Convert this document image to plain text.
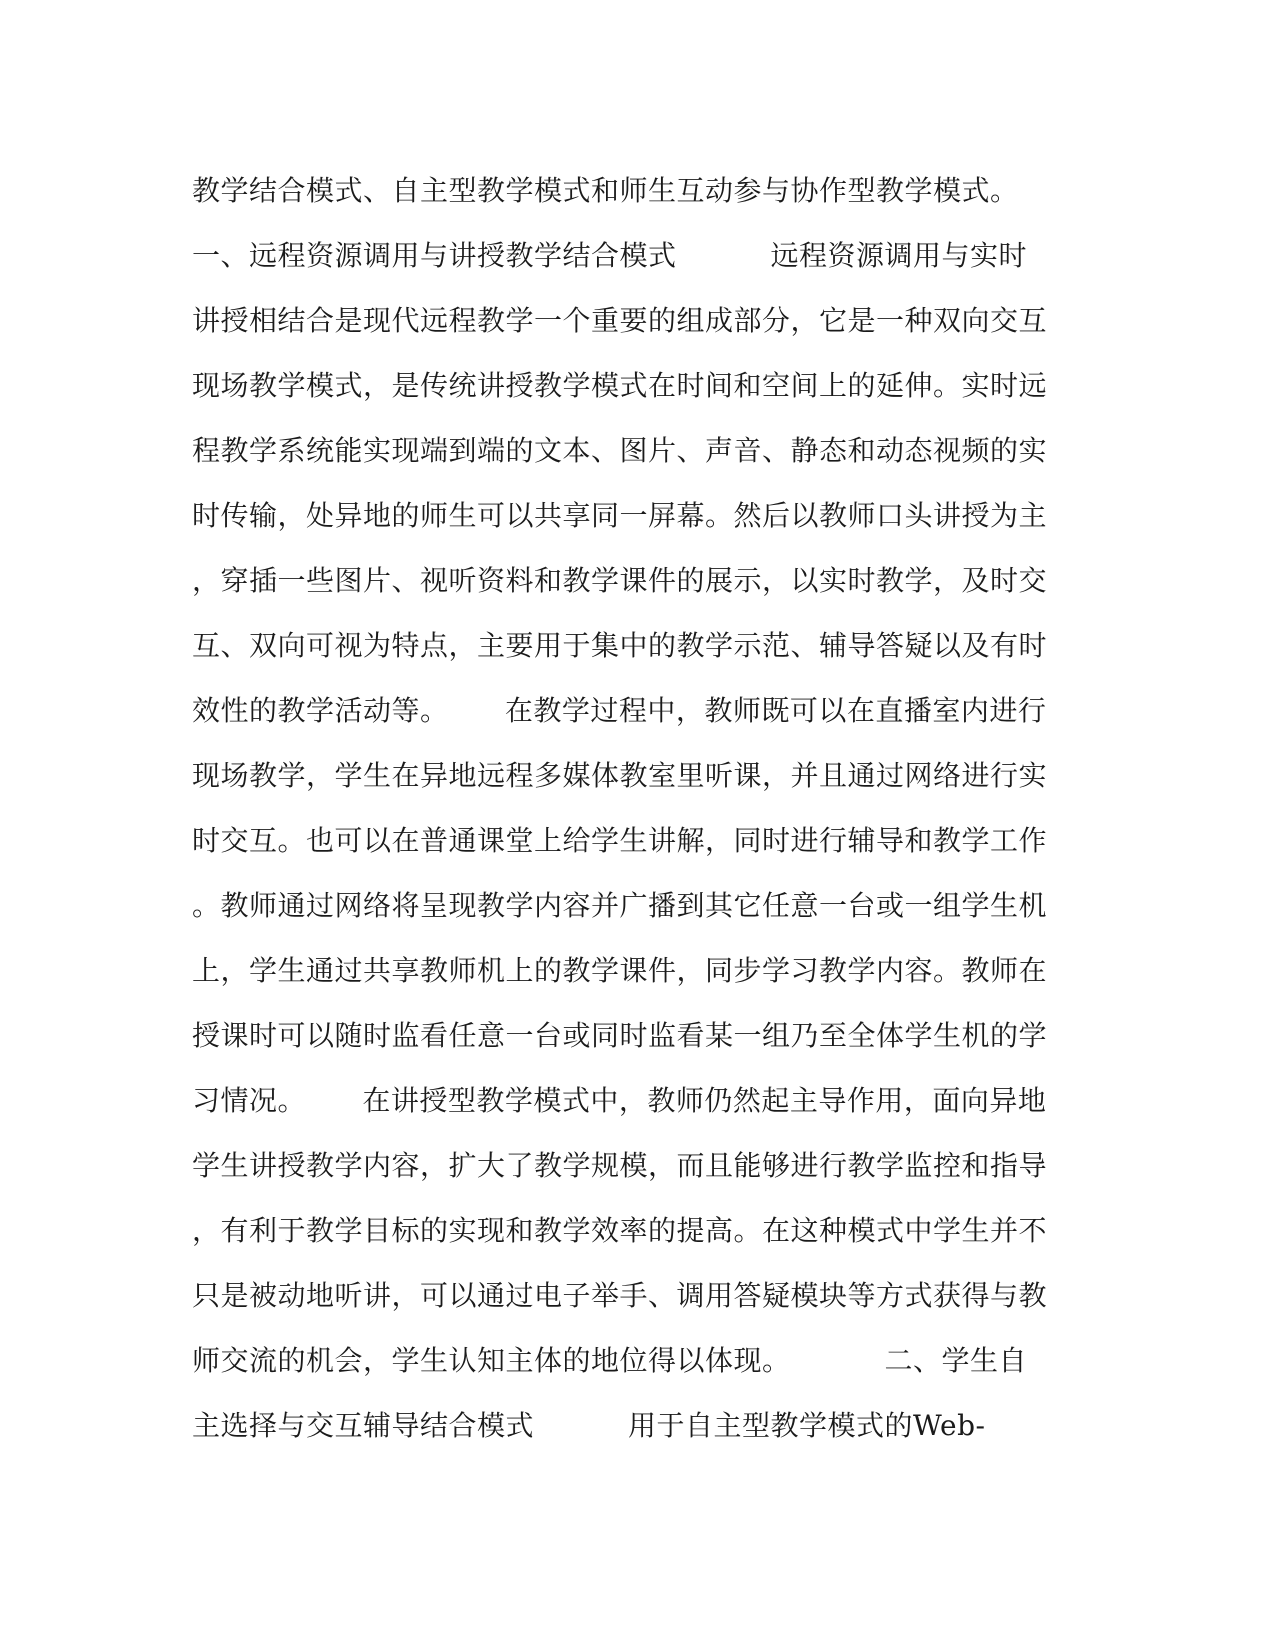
教学结合模式、自主型教学模式和师生互动参与协作型教学模式。
一、远程资源调用与讲授教学结合模式          远程资源调用与实时
讲授相结合是现代远程教学一个重要的组成部分，它是一种双向交互
现场教学模式，是传统讲授教学模式在时间和空间上的延伸。实时远
程教学系统能实现端到端的文本、图片、声音、静态和动态视频的实
时传输，处异地的师生可以共享同一屏幕。然后以教师口头讲授为主
，穿插一些图片、视听资料和教学课件的展示，以实时教学，及时交
互、双向可视为特点，主要用于集中的教学示范、辅导答疑以及有时
效性的教学活动等。      在教学过程中，教师既可以在直播室内进行
现场教学，学生在异地远程多媒体教室里听课，并且通过网络进行实
时交互。也可以在普通课堂上给学生讲解，同时进行辅导和教学工作
。教师通过网络将呈现教学内容并广播到其它任意一台或一组学生机
上，学生通过共享教师机上的教学课件，同步学习教学内容。教师在
授课时可以随时监看任意一台或同时监看某一组乃至全体学生机的学
习情况。      在讲授型教学模式中，教师仍然起主导作用，面向异地
学生讲授教学内容，扩大了教学规模，而且能够进行教学监控和指导
，有利于教学目标的实现和教学效率的提高。在这种模式中学生并不
只是被动地听讲，可以通过电子举手、调用答疑模块等方式获得与教
师交流的机会，学生认知主体的地位得以体现。          二、学生自
主选择与交互辅导结合模式          用于自主型教学模式的Web-
